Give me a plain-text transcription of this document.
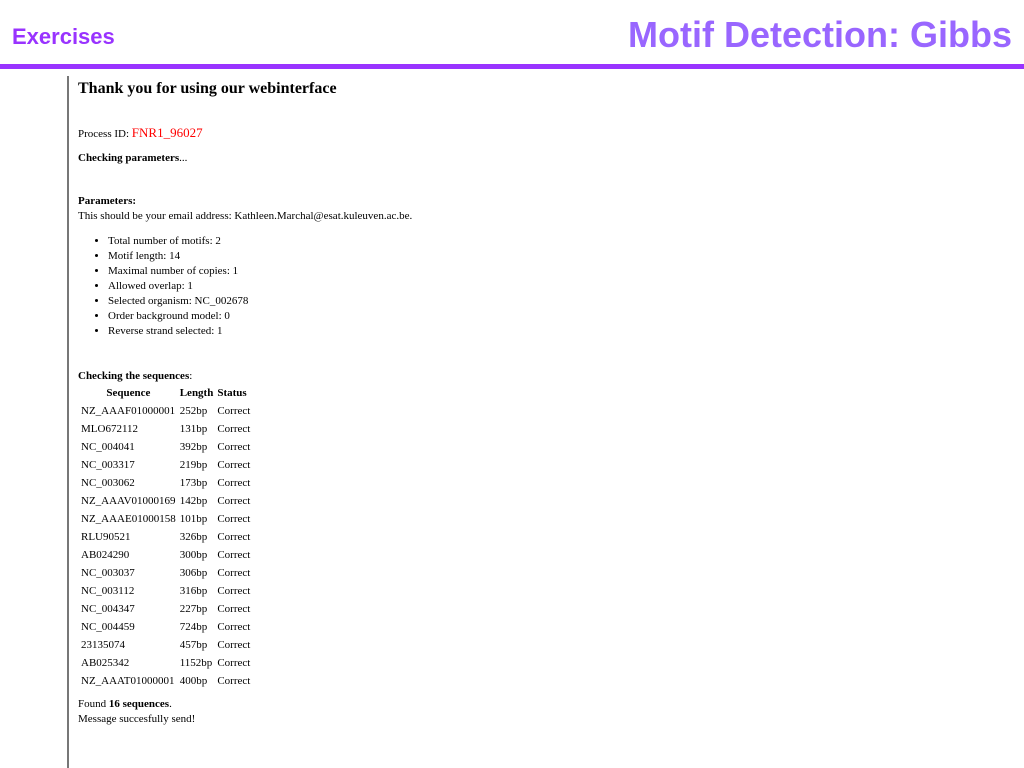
Exercises	Motif Detection: Gibbs
Thank you for using our webinterface

Process ID: FNR1_96027

Checking parameters...

Parameters:

This should be your email address: Kathleen.Marchal@esat.kuleuven.ac.be.

• Total number of motifs: 2
• Motif length: 14
• Maximal number of copies: 1
• Allowed overlap: 1
• Selected organism: NC_002678
• Order background model: 0
• Reverse strand selected: 1

Checking the sequences:

Sequence	Length	Status
NZ_AAAF01000001	252bp	Correct
MLO672112	131bp	Correct
NC_004041	392bp	Correct
NC_003317	219bp	Correct
NC_003062	173bp	Correct
NZ_AAAV01000169	142bp	Correct
NZ_AAAE01000158	101bp	Correct
RLU90521	326bp	Correct
AB024290	300bp	Correct
NC_003037	306bp	Correct
NC_003112	316bp	Correct
NC_004347	227bp	Correct
NC_004459	724bp	Correct
23135074	457bp	Correct
AB025342	1152bp	Correct
NZ_AAAT01000001	400bp	Correct

Found 16 sequences.

Message succesfully send!
